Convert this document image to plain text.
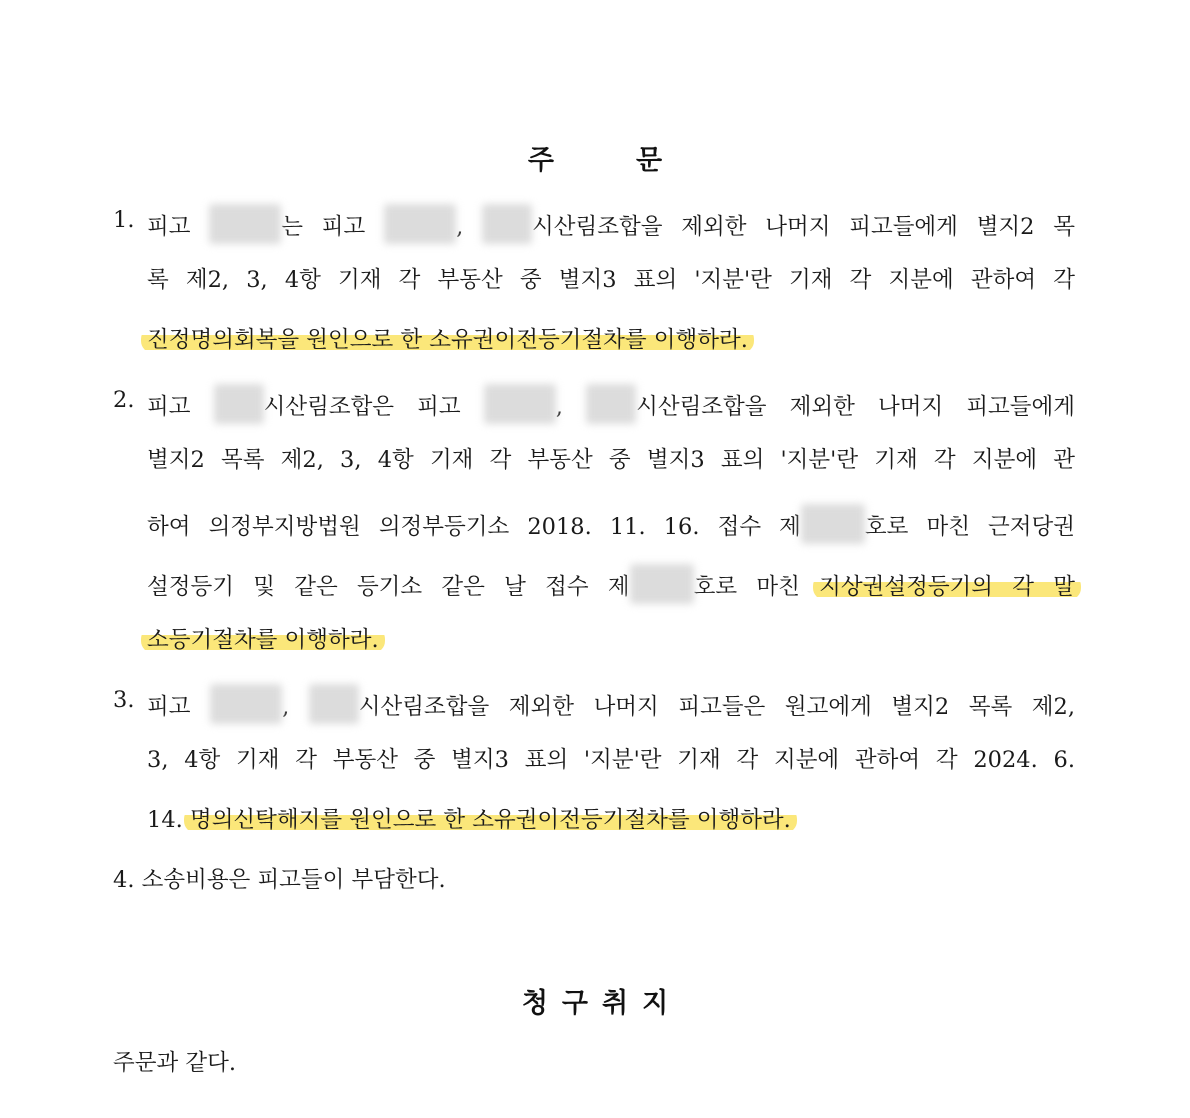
주	문
1. 피고	는 피고	,	시산림조합을 제외한 나머지 피고들에게 별지2 목
록 제2, 3, 4항 기재 각 부동산 중 별지3 표의 '지분'란 기재 각 지분에 관하여 각
진정명의회복을 원인으로 한 소유권이전등기절차를 이행하라.
2. 피고	시산림조합은 피고	,	시산림조합을 제외한 나머지 피고들에게
별지2 목록 제2, 3, 4항 기재 각 부동산 중 별지3 표의 '지분'란 기재 각 지분에 관
하여 의정부지방법원 의정부등기소 2018. 11. 16. 접수 제	호로 마친 근저당권
설정등기 및 같은 등기소 같은 날 접수 제	호로 마친 지상권설정등기의 각 말
소등기절차를 이행하라.
3. 피고	,	시산림조합을 제외한 나머지 피고들은 원고에게 별지2 목록 제2,
3, 4항 기재 각 부동산 중 별지3 표의 '지분'란 기재 각 지분에 관하여 각 2024. 6.
14. 명의신탁해지를 원인으로 한 소유권이전등기절차를 이행하라.
4. 소송비용은 피고들이 부담한다.
청 구 취 지
주문과 같다.
